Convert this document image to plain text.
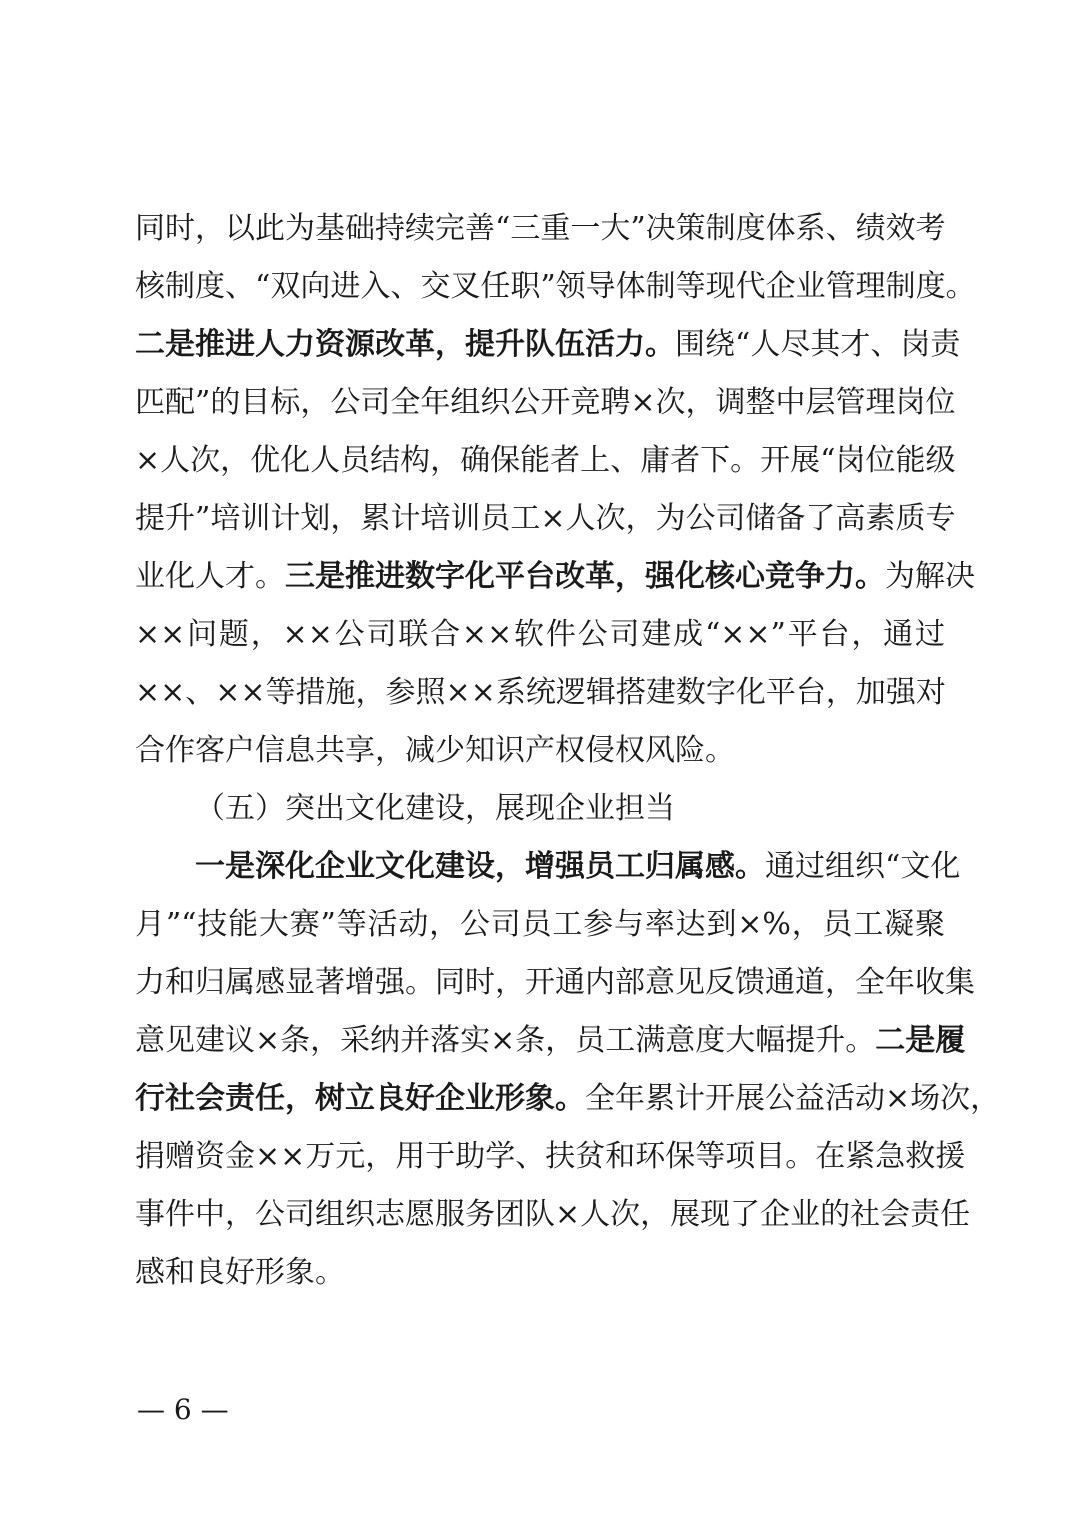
同时，以此为基础持续完善“三重一大”决策制度体系、绩效考
核制度、“双向进入、交叉任职”领导体制等现代企业管理制度。
二是推进人力资源改革，提升队伍活力。围绕“人尽其才、岗责
匹配”的目标，公司全年组织公开竞聘×次，调整中层管理岗位
×人次，优化人员结构，确保能者上、庸者下。开展“岗位能级
提升”培训计划，累计培训员工×人次，为公司储备了高素质专
业化人才。三是推进数字化平台改革，强化核心竞争力。为解决
××问题，××公司联合××软件公司建成“××”平台，通过
××、××等措施，参照××系统逻辑搭建数字化平台，加强对
合作客户信息共享，减少知识产权侵权风险。
（五）突出文化建设，展现企业担当
一是深化企业文化建设，增强员工归属感。通过组织“文化
月”“技能大赛”等活动，公司员工参与率达到×%，员工凝聚
力和归属感显著增强。同时，开通内部意见反馈通道，全年收集
意见建议×条，采纳并落实×条，员工满意度大幅提升。二是履
行社会责任，树立良好企业形象。全年累计开展公益活动×场次，
捐赠资金××万元，用于助学、扶贫和环保等项目。在紧急救援
事件中，公司组织志愿服务团队×人次，展现了企业的社会责任
感和良好形象。
— 6 —
